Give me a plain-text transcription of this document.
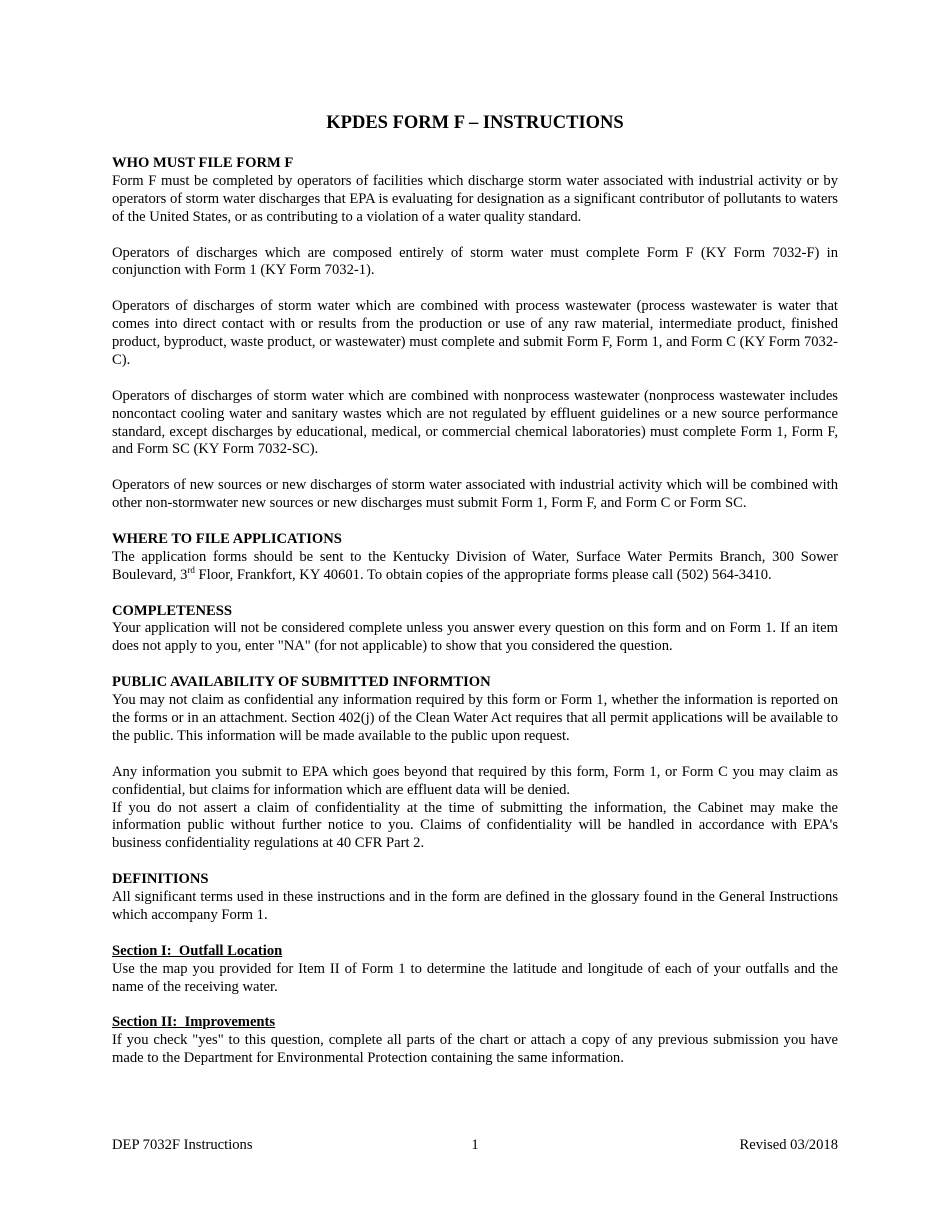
KPDES FORM F – INSTRUCTIONS
WHO MUST FILE FORM F

Form F must be completed by operators of facilities which discharge storm water associated with industrial activity or by operators of storm water discharges that EPA is evaluating for designation as a significant contributor of pollutants to waters of the United States, or as contributing to a violation of a water quality standard.

Operators of discharges which are composed entirely of storm water must complete Form F (KY Form 7032-F) in conjunction with Form 1 (KY Form 7032-1).

Operators of discharges of storm water which are combined with process wastewater (process wastewater is water that comes into direct contact with or results from the production or use of any raw material, intermediate product, finished product, byproduct, waste product, or wastewater) must complete and submit Form F, Form 1, and Form C (KY Form 7032-C).

Operators of discharges of storm water which are combined with nonprocess wastewater (nonprocess wastewater includes noncontact cooling water and sanitary wastes which are not regulated by effluent guidelines or a new source performance standard, except discharges by educational, medical, or commercial chemical laboratories) must complete Form 1, Form F, and Form SC (KY Form 7032-SC).

Operators of new sources or new discharges of storm water associated with industrial activity which will be combined with other non-stormwater new sources or new discharges must submit Form 1, Form F, and Form C or Form SC.

WHERE TO FILE APPLICATIONS

The application forms should be sent to the Kentucky Division of Water, Surface Water Permits Branch, 300 Sower Boulevard, 3rd Floor, Frankfort, KY 40601. To obtain copies of the appropriate forms please call (502) 564-3410.

COMPLETENESS

Your application will not be considered complete unless you answer every question on this form and on Form 1. If an item does not apply to you, enter "NA" (for not applicable) to show that you considered the question.

PUBLIC AVAILABILITY OF SUBMITTED INFORMTION

You may not claim as confidential any information required by this form or Form 1, whether the information is reported on the forms or in an attachment. Section 402(j) of the Clean Water Act requires that all permit applications will be available to the public. This information will be made available to the public upon request.

Any information you submit to EPA which goes beyond that required by this form, Form 1, or Form C you may claim as confidential, but claims for information which are effluent data will be denied.

If you do not assert a claim of confidentiality at the time of submitting the information, the Cabinet may make the information public without further notice to you. Claims of confidentiality will be handled in accordance with EPA's business confidentiality regulations at 40 CFR Part 2.

DEFINITIONS

All significant terms used in these instructions and in the form are defined in the glossary found in the General Instructions which accompany Form 1.

Section I:  Outfall Location

Use the map you provided for Item II of Form 1 to determine the latitude and longitude of each of your outfalls and the name of the receiving water.

Section II:  Improvements

If you check "yes" to this question, complete all parts of the chart or attach a copy of any previous submission you have made to the Department for Environmental Protection containing the same information.

DEP 7032F Instructions	1	Revised 03/2018
